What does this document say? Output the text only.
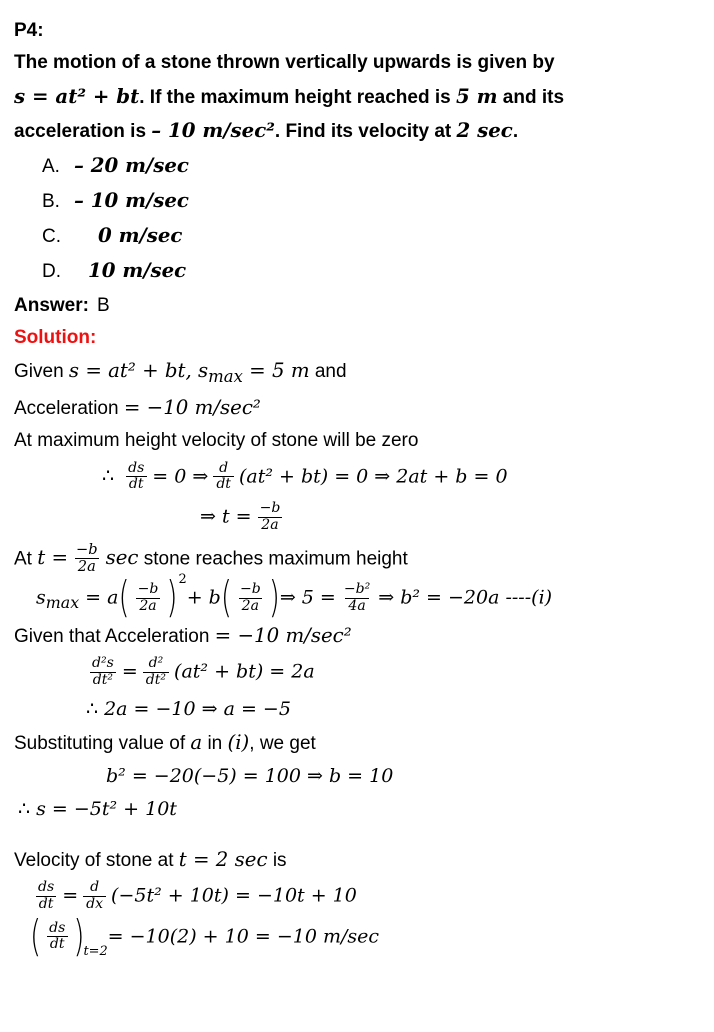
P4:
The motion of a stone thrown vertically upwards is given by
s = at² + bt. If the maximum height reached is 5 m and its
acceleration is – 10 m/sec². Find its velocity at 2 sec.
A. – 20 m/sec
B. – 10 m/sec
C.	0 m/sec
D.	10 m/sec
Answer: B
Solution:
Given s = at² + bt, $s_{max} = 5$ m and
Acceleration = −10 m/sec²
At maximum height velocity of stone will be zero
∴ $\frac{ds}{dt} = 0$ ⇒ $\frac{d}{dt} (at^2 + bt) = 0$ ⇒ 2at + b = 0
⇒ $t = \frac{-b}{2a}$
At $t = \frac{-b}{2a}$ sec stone reaches maximum height
$s_{max} = a( \frac{-b}{2a} )^2+ b( \frac{-b}{2a}$ )⇒ $5 = \frac{\text{−b²}}{4a}$ ⇒ b² = −20a ----(i)
Given that Acceleration = −10 m/sec²
$\frac{\text{d²s}}{\text{dt²}} = \frac{\text{d²}}{\text{dt²}} (at^2 + bt) = 2a$
∴ 2a = −10 ⇒ a = −5
Substituting value of a in (i), we get
b² = −20(−5) = 100 ⇒ b = 10
∴ s = −5t² + 10t
Velocity of stone at t = 2 sec is
$\frac{ds}{dt} = \frac{d}{dx} (-5t^2 + 10t) = -10t + 10$
( $\frac{ds}{dt} )_{t=2}= -10(2) + 10 = -10$ m/sec
